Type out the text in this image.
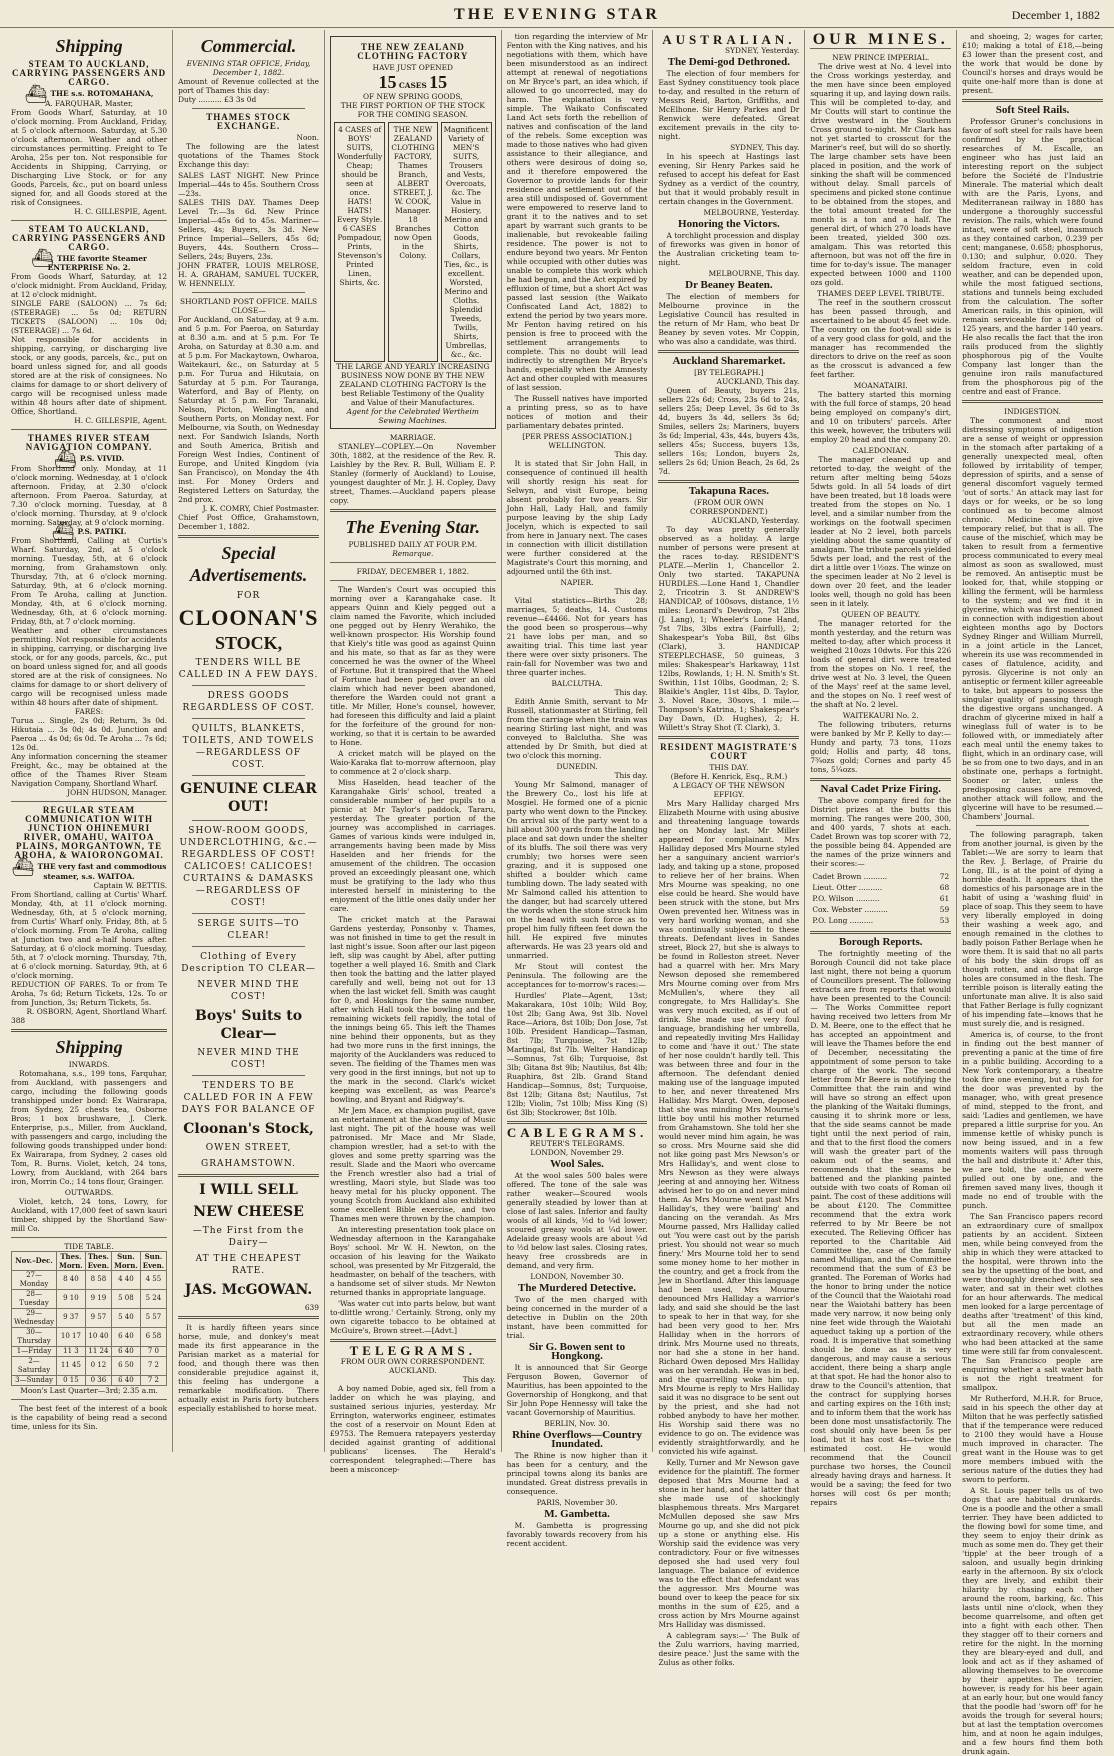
THE EVENING STAR	December 1, 1882
Shipping
STEAM TO AUCKLAND, CARRYING PASSENGERS AND CARGO.
⛴ THE s.s. ROTOMAHANA,
A. FARQUHAR, Master,
From Goods Wharf, Saturday, at 10 o'clock morning. From Auckland, Friday, at 5 o'clock afternoon. Saturday, at 5.30 o'clock afternoon. Weather and other circumstances permitting. Freight to Te Aroha, 25s per ton. Not responsible for Accidents in Shipping, Carrying, or Discharging Live Stock, or for any Goods, Parcels, &c., put on board unless signed for, and all Goods stored at the risk of Consignees.
H. C. GILLESPIE, Agent.
STEAM TO AUCKLAND, CARRYING PASSENGERS AND CARGO.
⛴ THE favorite Steamer ENTERPRISE No. 2.
From Goods Wharf, Saturday, at 12 o'clock midnight. From Auckland, Friday, at 12 o'clock midnight.
SINGLE FARE (SALOON) ... 7s 6d; (STEERAGE) ... 5s 0d; RETURN TICKETS (SALOON) ... 10s 0d; (STEERAGE) ... 7s 6d.
Not responsible for accidents in shipping, carrying, or discharging live stock, or any goods, parcels, &c., put on board unless signed for, and all goods stored are at the risk of consignees. No claims for damage to or short delivery of cargo will be recognised unless made within 48 hours after date of shipment. Office, Shortland.
H. C. GILLESPIE, Agent.
THAMES RIVER STEAM NAVIGATION COMPANY.
⛴ P.S. VIVID.
From Shortland only. Monday, at 11 o'clock morning. Wednesday, at 1 o'clock afternoon. Friday, at 2.30 o'clock afternoon. From Paeroa. Saturday, at 7.30 o'clock morning. Tuesday, at 8 o'clock morning. Thursday, at 9 o'clock morning. Saturday, at 9 o'clock morning.
⛴ P.S. PATIKI.
From Shortland, Calling at Curtis's Wharf. Saturday, 2nd, at 5 o'clock morning. Tuesday, 5th, at 6 o'clock morning, from Grahamstown only. Thursday, 7th, at 6 o'clock morning. Saturday, 9th, at 6 o'clock morning. From Te Aroha, calling at Junction. Monday, 4th, at 6 o'clock morning. Wednesday, 6th, at 6 o'clock morning. Friday, 8th, at 7 o'clock morning.
Weather and other circumstances permitting. Not responsible for accidents in shipping, carrying, or discharging live stock, or for any goods, parcels, &c., put on board unless signed for, and all goods stored are at the risk of consignees. No claims for damage to or short delivery of cargo will be recognised unless made within 48 hours after date of shipment.
FARES:
Turua ... Single, 2s 0d; Return, 3s 0d. Hikutaia ... 3s 0d; 4s 0d. Junction and Paeroa ... 4s 0d; 6s 0d. Te Aroha ... 7s 6d; 12s 0d.
Any information concerning the steamer Freight, &c., may be obtained at the office of the Thames River Steam Navigation Company, Shortland Wharf.
JOHN HUDSON, Manager.
REGULAR STEAM COMMUNICATION WITH JUNCTION OHINEMURI RIVER, OMAHU, WAITOA PLAINS, MORGANTOWN, TE AROHA, & WAIORONGOMAI.
⛴ THE very fast and commodious steamer, s.s. WAITOA.
Captain W. BETTIS.
From Shortland, calling at Curtis' Wharf. Monday, 4th, at 11 o'clock morning. Wednesday, 6th, at 5 o'clock morning, from Curtis' Wharf only. Friday, 8th, at 5 o'clock morning. From Te Aroha, calling at Junction two and a-half hours after. Saturday, at 6 o'clock morning. Tuesday, 5th, at 7 o'clock morning. Thursday, 7th, at 6 o'clock morning. Saturday, 9th, at 6 o'clock morning.
REDUCTION OF FARES. To or from Te Aroha, 7s 6d; Return Tickets, 12s. To or from Junction, 3s; Return Tickets, 5s.
R. OSBORN, Agent, Shortland Wharf.
388
Shipping
INWARDS.
Rotomahana, s.s., 199 tons, Farquhar, from Auckland, with passengers and cargo, including the following goods transhipped under bond: Ex Wairarapa, from Sydney, 25 chests tea, Osborne Bros; 1 box brushware, J. Clerk. Enterprise, p.s., Miller, from Auckland, with passengers and cargo, including the following goods transhipped under bond: Ex Wairarapa, from Sydney, 2 cases old Tom, R. Burns. Violet, ketch, 24 tons, Lowry, from Auckland, with 264 bars iron, Morrin Co.; 14 tons flour, Grainger.
OUTWARDS.
Violet, ketch, 24 tons, Lowry, for Auckland, with 17,000 feet of sawn kauri timber, shipped by the Shortland Saw-mill Co.
TIDE TABLE.
Nov.–Dec.	Thes. Morn.	Thes. Even.	Sun. Morn.	Sun. Even.
27—Monday	8 40	8 58	4 40	4 55
28—Tuesday	9 10	9 19	5 08	5 24
29—Wednesday	9 37	9 57	5 40	5 57
30—Thursday	10 17	10 40	6 40	6 58
1—Friday	11 3	11 24	6 40	7 0
2—Saturday	11 45	0 12	6 50	7 2
3—Sunday	0 15	0 36	6 40	7 2
Moon's Last Quarter—3rd; 2.35 a.m.
The best feet of the interest of a book is the capability of being read a second time, unless for its Sin.
Commercial.
EVENING STAR OFFICE, Friday, December 1, 1882.
Amount of Revenue collected at the port of Thames this day:
Duty .......... £3 3s 0d
THAMES STOCK EXCHANGE.
Noon.
The following are the latest quotations of the Thames Stock Exchange this day:
SALES LAST NIGHT. New Prince Imperial—44s to 45s. Southern Cross—23s.
SALES THIS DAY. Thames Deep Level Tr.—3s 6d. New Prince Imperial—45s 6d to 45s. Mariner—Sellers, 4s; Buyers, 3s 3d. New Prince Imperial—Sellers, 45s 6d; Buyers, 44s. Southern Cross—Sellers, 24s; Buyers, 23s.
JOHN FRATER, LOUIS MELROSE, H. A. GRAHAM, SAMUEL TUCKER, W. HENNELLY.
SHORTLAND POST OFFICE. MAILS CLOSE—
For Auckland, on Saturday, at 9 a.m. and 5 p.m. For Paeroa, on Saturday at 8.30 a.m. and at 5 p.m. For Te Aroha, on Saturday at 8.30 a.m. and at 5 p.m. For Mackaytown, Owharoa, Waitekauri, &c., on Saturday at 5 p.m. For Turua and Hikutaia, on Saturday at 5 p.m. For Tauranga, Waterford, and Bay of Plenty, on Saturday at 5 p.m. For Taranaki, Nelson, Picton, Wellington, and Southern Ports, on Monday next. For Melbourne, via South, on Wednesday next. For Sandwich Islands, North and South America, British and Foreign West Indies, Continent of Europe, and United Kingdom (via San Francisco), on Monday the 4th inst. For Money Orders and Registered Letters on Saturday, the 2nd prox.
J. K. COMRY, Chief Postmaster.
Chief Post Office, Grahamstown, December 1, 1882.
Special Advertisements.
FOR
CLOONAN'S
STOCK,
TENDERS WILL BE CALLED IN A FEW DAYS.
DRESS GOODS REGARDLESS OF COST.
QUILTS, BLANKETS, TOILETS, AND TOWELS—REGARDLESS OF COST.
GENUINE CLEAR OUT!
SHOW-ROOM GOODS, UNDERCLOTHING, &c.—REGARDLESS OF COST! CALICOES! CALICOES! CURTAINS & DAMASKS—REGARDLESS OF COST!
SERGE SUITS—TO CLEAR!
Clothing of Every Description TO CLEAR—
NEVER MIND THE COST!
Boys' Suits to Clear—
NEVER MIND THE COST!
TENDERS TO BE CALLED FOR IN A FEW DAYS FOR BALANCE OF
Cloonan's Stock,
OWEN STREET,
GRAHAMSTOWN.
I WILL SELL
NEW CHEESE
—The First from the Dairy—
AT THE CHEAPEST RATE.
JAS. McGOWAN.
639
It is hardly fifteen years since horse, mule, and donkey's meat made its first appearance in the Parisian market as a material for food, and though there was then considerable prejudice against it, this feeling has undergone a remarkable modification. There actually exist in Paris forty butchers especially established to horse meat.
THE NEW ZEALAND CLOTHING FACTORY
HAVE JUST OPENED
15 CASES 15
OF NEW SPRING GOODS,
THE FIRST PORTION OF THE STOCK FOR THE COMING SEASON.
4 CASES of BOYS' SUITS, Wonderfully Cheap; should be seen at once. HATS! HATS! Every Style. 6 CASES Pompadour, Prints, Stevenson's Printed Linen, Shirts, &c.
THE NEW ZEALAND CLOTHING FACTORY, Thames Branch, ALBERT STREET, J. W. COOK, Manager. 18 Branches now Open in the Colony.
Magnificent Variety of MEN'S SUITS, Trousers and Vests, Overcoats, &c. The Value in Hosiery, Merino and Cotton Goods, Shirts, Collars, Ties, &c., is excellent. Worsted, Merino and Cloths. Splendid Tweeds, Twills, Shirts, Umbrellas, &c., &c.
THE LARGE AND YEARLY INCREASING BUSINESS NOW DONE BY THE NEW ZEALAND CLOTHING FACTORY Is the best Reliable Testimony of the Quality and Value of their Manufactures.
Agent for the Celebrated Wertheim Sewing Machines.
MARRIAGE.
STANLEY—COPLEY.—On November 30th, 1882, at the residence of the Rev. R. Laishley by the Rev. R. Bull, William E. P. Stanley (formerly of Auckland) to Louise, youngest daughter of Mr. J. H. Copley, Davy street, Thames.—Auckland papers please copy.
The Evening Star.
PUBLISHED DAILY AT FOUR P.M.
Remarque.
FRIDAY, DECEMBER 1, 1882.
The Warden's Court was occupied this morning over a Karangahake case. It appears Quinn and Kiely pegged out a claim named the Favorite, which included one pegged out by Henry Werahiko, the well-known prospector. His Worship found that Kiely's title was good as against Quinn and his mate, so that as far as they were concerned he was the owner of the Wheel of Fortune. But it transpired that the Wheel of Fortune had been pegged over an old claim which had never been abandoned, therefore the Warden could not grant a title. Mr Miller, Hone's counsel, however, had foreseen this difficulty and laid a plaint for the forfeiture of the ground for non-working, so that it is certain to be awarded to Hone.
A cricket match will be played on the Waio-Karaka flat to-morrow afternoon, play to commence at 2 o'clock sharp.
Miss Haselden, head teacher of the Karangahake Girls' school, treated a considerable number of her pupils to a picnic at Mr Taylor's paddock, Tararu, yesterday. The greater portion of the journey was accomplished in carriages. Games of various kinds were indulged in, arrangements having been made by Miss Haselden and her friends for the amusement of the children. The occasion proved an exceedingly pleasant one, which must be gratifying to the lady who thus interested herself in ministering to the enjoyment of the little ones daily under her care.
The cricket match at the Parawai Gardens yesterday, Ponsonby v. Thames, was not finished in time to get the result in last night's issue. Soon after our last pigeon left, slip was caught by Abel, after putting together a well played 16. Smith and Clark then took the batting and the latter played carefully and well, being not out for 13 when the last wicket fell. Smith was caught for 0, and Hoskings for the same number, after which Hall took the bowling and the remaining wickets fell rapidly, the total of the innings being 65. This left the Thames nine behind their opponents, but as they had two more runs in the first innings, the majority of the Aucklanders was reduced to seven. The fielding of the Thames men was very good in the first innings, but not up to the mark in the second. Clark's wicket keeping was excellent, as was Pearce's bowling, and Bryant and Ridgway's.
Mr Jem Mace, ex champion pugilist, gave an entertainment at the Academy of Music last night. The pit of the house was well patronised. Mr Mace and Mr Slade, champion wrestler, had a set-to with the gloves and some pretty sparring was the result. Slade and the Maori who overcame the French wrestler also had a trial of wrestling, Maori style, but Slade was too heavy metal for his plucky opponent. The young Scotch from Auckland also exhibited some excellent Bible exercise, and two Thames men were thrown by the champion.
An interesting presentation took place on Wednesday afternoon in the Karangahake Boys' school. Mr W. H. Newton, on the occasion of his leaving for the Waikato school, was presented by Mr Fitzgerald, the headmaster, on behalf of the teachers, with a handsome set of silver studs. Mr Newton returned thanks in appropriate language.
'Was water cut into parts below, but want to-dlittle wrong.' Certainly. Strong, only my own cigarette tobacco to be obtained at McGuire's, Brown street.—[Advt.]
TELEGRAMS.
FROM OUR OWN CORRESPONDENT.
AUCKLAND.
This day.
A boy named Dobie, aged six, fell from a ladder on which he was playing, and sustained serious injuries, yesterday. Mr Errington, waterworks engineer, estimates the cost of a reservoir on Mount Eden at £9753. The Remuera ratepayers yesterday decided against granting of additional publicans' licenses. The Herald's correspondent telegraphed:—There has been a misconcep-
tion regarding the interview of Mr Fenton with the King natives, and his negotiations with them, which have been misunderstood as an indirect attempt at renewal of negotiations on Mr Bryce's part, an idea which, if allowed to go uncorrected, may do harm. The explanation is very simple. The Waikato Confiscated Land Act sets forth the rebellion of natives and confiscation of the land of the rebels. Some exception was made to those natives who had given assistance to their allegiance, and others were desirous of doing so, and it therefore empowered the Governor to provide lands for their residence and settlement out of the area still undisposed of. Government were empowered to reserve land to grant it to the natives and to set apart by warrant such grants to be inalienable, but revokeable failing residence. The power is not to endure beyond two years. Mr Fenton while occupied with other duties was unable to complete this work which he had begun, and the Act expired by effluxion of time, but a short Act was passed last session (the Waikato Confiscated Land Act, 1882) to extend the period by two years more. Mr Fenton having retired on his pension is free to proceed with the settlement arrangements to complete. This no doubt will lead indirectly to strengthen Mr Bryce's hands, especially when the Amnesty Act and other coupled with measures of last session.
The Russell natives have imported a printing press, so as to have notices of motion and their parliamentary debates printed.
[PER PRESS ASSOCIATION.]
WELLINGTON.
This day.
It is stated that Sir John Hall, in consequence of continued ill health will shortly resign his seat for Selwyn, and visit Europe, being absent probably for two years. Sir John Hall, Lady Hall, and family purpose leaving by the ship Lady Jocelyn, which is expected to sail from here in January next. The cases in connection with illicit distillation were further considered at the Magistrate's Court this morning, and adjourned until the 6th inst.
NAPIER.
This day.
Vital statistics—Births 28; marriages, 5; deaths, 14. Customs revenue—£4466. Not for years has the good been so prosperous—why 21 have lobs per man, and so awaiting trial. This time last year there were over sixty prisoners. The rain-fall for November was two and three quarter inches.
BALCLUTHA.
This day.
Edith Annie Smith, servant to Mr Russell, stationmaster at Stirling, fell from the carriage when the train was nearing Stirling last night, and was conveyed to Balclutha. She was attended by Dr Smith, but died at two o'clock this morning.
DUNEDIN.
This day.
Young Mr Salmond, manager of the Brewery Co., lost his life at Mosgiel. He formed one of a picnic party who went down to the Pinckey. On arrival six of the party went to a hill about 300 yards from the landing place and sat down under the shelter of its bluffs. The soil there was very crumbly; two horses were seen grazing, and it is supposed one shifted a boulder which came tumbling down. The lady seated with Mr Salmond called his attention to the danger, but had scarcely uttered the words when the stone struck him on the head with such force as to propel him fully fifteen feet down the hill. He expired five minutes afterwards. He was 23 years old and unmarried.
Mr Stout will contest the Peninsula. The following are the acceptances for to-morrow's races:—
Hurdles' Plate—Agent, 13st; Makarakara, 10st 10lb; Wild Boy, 10st 2lb; Gang Awa, 9st 3lb. Novel Race—Ariora, 8st 10lb; Don Jose, 7st 10lb. President Handicap—Tasman, 8st 7lb; Turquoise, 7st 12lb; Martingal, 8st 7lb. Welter Handicap—Somnus, 7st 6lb; Turquoise, 8st 3lb; Gitana 8st 9lb; Nautilus, 8st 4lb; Ruaphira, 8st 2lb. Grand Stand Handicap—Somnus, 8st; Turquoise, 8st 12lb; Gitana 8st; Nautilus, 7st 12lb; Violin, 7st 10lb; Miss King (S) 6st 3lb; Stockrower, 8st 10lb.
CABLEGRAMS.
REUTER'S TELEGRAMS.
LONDON, November 29.
Wool Sales.
At the wool sales 500 bales were offered. The tone of the sale was rather weaker—Scoured wools generally steadied by lower than at close of last sales. Inferior and faulty wools of all kinds, ½d to ¼d lower; scoured greasy wools at ¼d lower. Adelaide greasy wools are about ¼d to ½d below last sales. Closing rates, heavy free crossbreds are in demand, and very firm.
LONDON, November 30.
The Murdered Detective.
Two of the men charged with being concerned in the murder of a detective in Dublin on the 20th instant, have been committed for trial.
Sir G. Bowen sent to Hongkong.
It is announced that Sir George Ferguson Bowen, Governor of Mauritius, has been appointed to the Governorship of Hongkong, and that Sir John Pope Hennessy will take the vacant Governorship of Mauritius.
BERLIN, Nov. 30.
Rhine Overflows—Country Inundated.
The Rhine is now higher than it has been for a century, and the principal towns along its banks are inundated. Great distress prevails in consequence.
PARIS, November 30.
M. Gambetta.
M. Gambetta is progressing favorably towards recovery from his recent accident.
AUSTRALIAN.
SYDNEY, Yesterday.
The Demi-god Dethroned.
The election of four members for East Sydney constituency took place to-day, and resulted in the return of Messrs Reid, Barton, Griffiths, and McElhone. Sir Henry Parkes and Dr Renwick were defeated. Great excitement prevails in the city to-night.
SYDNEY, This day.
In his speech at Hastings last evening, Sir Henry Parkes said he refused to accept his defeat for East Sydney as a verdict of the country, but that it would probably result in certain changes in the Government.
MELBOURNE, Yesterday.
Honoring the Victors.
A torchlight procession and display of fireworks was given in honor of the Australian cricketing team to-night.
MELBOURNE, This day.
Dr Beaney Beaten.
The election of members for Melbourne province in the Legislative Council has resulted in the return of Mr Ham, who beat Dr Beaney by seven votes. Mr Coppin, who was also a candidate, was third.
Auckland Sharemarket.
[BY TELEGRAPH.]
AUCKLAND, This day.
Queen of Beauty, buyers 21s, sellers 22s 6d; Cross, 23s 6d to 24s, sellers 25s; Deep Level, 3s 6d to 3s 4d, buyers 3s 4d, sellers 3s 6d; Smiles, sellers 2s; Mariners, buyers 3s 6d; Imperial, 43s, 44s, buyers 43s, sellers 45s; Success, buyers 13s, sellers 16s; London, buyers 2s, sellers 2s 6d; Union Beach, 2s 6d, 2s 7d.
Takapuna Races.
(FROM OUR OWN CORRESPONDENT.)
AUCKLAND, Yesterday.
To day was pretty generally observed as a holiday. A large number of persons were present at the races to-day. RESIDENT'S PLATE.—Merlin 1, Chancellor 2. Only two started. TAKAPUNA HURDLES.—Lone Hand 1, Chandler 2, Tricotrin 3. St ANDREW'S HANDICAP, of 100sovs, distance, 1½ miles: Leonard's Dewdrop, 7st 2lbs (J. Lang), 1; Wheeler's Lone Hand, 7st 7lbs, 3lbs extra (Fairfull), 2; Shakespear's Yoba Bill, 8st 6lbs (Clark), 3. HANDICAP STEEPLECHASE, 50 guineas, 3 miles: Shakespear's Harkaway, 11st 12lbs, Rowlands, 1; H. N. Smith's St. Swithin, 11st 10lbs, Goodman, 2; S. Blaikie's Angler, 11st 4lbs, D. Taylor, 3. Novel Race, 30sovs, 1 mile.—Thompson's Katrina, 1; Shakespear's Day Dawn, (D. Hughes), 2; H. Willett's Stray Shot (T. Clark), 3.
RESIDENT MAGISTRATE'S COURT
THIS DAY.
(Before H. Kenrick, Esq., R.M.)
A LEGACY OF THE NEWSON EFFIGY.
Mrs Mary Halliday charged Mrs Elizabeth Mourne with using abusive and threatening language towards her on Monday last. Mr Miller appeared for complainant. Mrs Halliday deposed Mrs Mourne styled her a sanguinary ancient warrior's lady, and taking up a stone, proposed to relieve her of her brains. When Mrs Mourne was speaking, no one else could be heard. She would have been struck with the stone, but Mrs Owen prevented her. Witness was in very hard working woman, and she was continually subjected to these threats. Defendant lives in Sandes street, Block 27, but she is always to be found in Rolleston street. Never had a quarrel with her. Mrs Mary Newson deposed she remembered Mrs Mourne coming over from Mrs McMullen's, where they all congregate, to Mrs Halliday's. She was very much excited, as if out of drink. She made use of very foul language, brandishing her umbrella, and repeatedly inviting Mrs Halliday to come and 'have it out.' The state of her nose couldn't hardly tell. This was between three and four in the afternoon. The defendant denied making use of the language imputed to her, and never threatened Mrs Halliday. Mrs Margt. Owen, deposed that she was minding Mrs Mourne's little boy until his mother returned from Grahamstown. She told her she would never mind him again, he was so cross. Mrs Mourne said she did not like going past Mrs Newson's or Mrs Halliday's, and went close to Mrs Newson as they were always jeering at and annoying her. Witness advised her to go on and never mind them. As Mrs Mourne went past Mrs Halliday's, they were 'bailing' and dancing on the verandah. As Mrs Mourne passed, Mrs Halliday called out 'You were cast out by the parish priest. You should not wear so much finery.' Mrs Mourne told her to send some money home to her mother in the country, and get a frock from the Jew in Shortland. After this language had been used, Mrs Mourne denounced Mrs Halliday a warrior's lady, and said she should be the last to speak to her in that way, for she had been very good to her. Mrs Halliday when in the horrors of drink. Mrs Mourne used no threats, nor had she a stone in her hand. Richard Owen deposed Mrs Halliday was on her verandah. He was in bed, and the quarrelling woke him up. Mrs Mourne is reply to Mrs Halliday said it was no disgrace to be sent out by the priest, and she had not robbed anybody to have her mother. His Worship said there was no evidence to go on. The evidence was evidently straightforwardly, and he convicted his wife against.
Kelly, Turner and Mr Newson gave evidence for the plaintiff. The former deposed that Mrs Mourne had a stone in her hand, and the latter that she made use of shockingly blasphemous threats. Mrs Margaret McMullen deposed she saw Mrs Mourne go up, and she did not pick up a stone or anything else. His Worship said the evidence was very contradictory. Four or five witnesses deposed she had used very foul language. The balance of evidence was to the effect that defendant was the aggressor. Mrs Mourne was bound over to keep the peace for six months in the sum of £25, and a cross action by Mrs Mourne against Mrs Halliday was dismissed.
A cablegram says:—' The Bulk of the Zulu warriors, having married, desire peace.' Just the same with the Zulus as other folks.
OUR MINES.
NEW PRINCE IMPERIAL.
The drive west at No. 4 level into the Cross workings yesterday, and the men have since been employed squaring it up, and laying down rails. This will be completed to-day, and Mr Coutts will start to continue the drive westward in the Southern Cross ground to-night. Mr Clark has not yet started to crosscut for the Mariner's reef, but will do so shortly. The large chamber sets have been placed in position, and the work of sinking the shaft will be commenced without delay. Small parcels of specimens and picked stone continue to be obtained from the stopes, and the total amount treated for the month is a ton and a half. The general dirt, of which 270 loads have been treated, yielded 300 ozs. amalgam. This was retorted this afternoon, but was not off the fire in time for to-day's issue. The manager expected between 1000 and 1100 ozs gold.
THAMES DEEP LEVEL TRIBUTE.
The reef in the southern crosscut has been passed through, and ascertained to be about 45 feet wide. The country on the foot-wall side is of a very good class for gold, and the manager has recommended the directors to drive on the reef as soon as the crosscut is advanced a few feet farther.
MOANATAIRI.
The battery started this morning with the full force of stamps, 20 head being employed on company's dirt, and 10 on tributers' parcels. After this week, however, the tributers will employ 20 head and the company 20.
CALEDONIAN.
The manager cleaned up and retorted to-day, the weight of the return after melting being 54ozs 5dwts gold. In all 54 loads of dirt have been treated, but 18 loads were treated from the stopes on No. 1 level, and a similar number from the workings on the footwall specimen leader at No 2 level, both parcels yielding about the same quantity of amalgam. The tribute parcels yielded 5dwts per load, and the rest of the dirt a little over 1½ozs. The winze on the specimen leader at No 2 level is down over 20 feet, and the leader looks well, though no gold has been seen in it lately.
QUEEN OF BEAUTY.
The manager retorted for the month yesterday, and the return was melted to-day, after which process it weighed 210ozs 10dwts. For this 226 loads of general dirt were treated from the stopes on No. 1 reef, the drive west at No. 3 level, the Queen of the Mays' reef at the same level, and the stopes on No. 1 reef west of the shaft at No. 2 level.
WAITEKAURI No. 2.
The following tributers, returns were banked by Mr P. Kelly to day:—Hundy and party, 73 tons, 11ozs gold; Hollis and party, 48 tons, 7¾ozs gold; Cornes and party 45 tons, 5¼ozs.
Naval Cadet Prize Firing.
The above company fired for the District prizes at the butts this morning. The ranges were 200, 300, and 400 yards, 7 shots at each. Cadet Brown was top scorer with 72, the possible being 84. Appended are the names of the prize winners and their scores:—
Cadet Brown ..........	72
Lieut. Otter ..........	68
P.O. Wilson ..........	61
Cox. Webster ..........	59
P.O. Long ..........	53
Borough Reports.
The fortnightly meeting of the Borough Council did not take place last night, there not being a quorum of Councillors present. The following extracts are from reports that would have been presented to the Council:— The Works Committee report having received two letters from Mr D. M. Beere, one to the effect that he has accepted an appointment and will leave the Thames before the end of December, necessitating the appointment of some person to take charge of the work. The second letter from Mr Beere is notifying the Committee that the rain and wind will have so strong an effect upon the planking of the Waitaki flumings, causing it to shrink more or less, that the side seams cannot be made tight until the next period of rain, and that to the first flood the comers will wash the greater part of the oakum out of the seams, and recommends that the seams be battened and the planking painted outside with two coats of Roman oil paint. The cost of these additions will be about £120. The Committee recommend that the extra work referred to by Mr Beere be not executed. The Relieving Officer has reported to the Charitable Aid Committee the, case of the family named Mulligan, and the Committee recommend that the sum of £3 be granted. The Foreman of Works had the honor to bring under the notice of the Council that the Waiotahi road near the Waiotahi battery has been made very narrow, it now being only nine feet wide through the Waiotahi aqueduct taking up a portion of the road. It is imperative that something should be done as it is very dangerous, and may cause a serious accident, there being a sharp angle at that spot. He had the honor also to draw to the Council's attention, that the contract for supplying horses and carting expires on the 16th inst; and to inform them that the work has been done most unsatisfactorily. The cost should only have been 5s per load, but it has cost 4s—twice the estimated cost. He would recommend that the Council purchase two horses, the Council already having drays and harness. It would be a saving; the feed for two horses will cost 6s per month; repairs
and shoeing, 2; wages for carter, £10; making a total of £18,—being £3 lower than the present cost, and the work that would be done by Council's horses and drays would be quite one-half more than is done at present.
Soft Steel Rails.
Professor Gruner's conclusions in favor of soft steel for rails have been confirmed by the practical researches of M. Escalle, an engineer who has just laid an interesting report on the subject before the Société de l'Industrie Minerale. The material which dealt with are the Paris, Lyons, and Mediterranean railway in 1880 has undergone a thoroughly successful revision. The rails, which were found intact, were of soft steel, inasmuch as they contained carbon, 0.239 per cent; manganese, 0.658; phosphorus, 0.130; and sulphur, 0.020. They seldom fracture, even in cold weather, and can be depended upon, while the most fatigued sections, stations and tunnels being excluded from the calculation. The softer American rails, in this opinion, will remain serviceable for a period of 125 years, and the harder 140 years. He also recalls the fact that the iron rails produced from the slightly phosphorous pig of the Voulte Company last longer than the genuine iron rails manufactured from the phosphorous pig of the centre and east of France.
INDIGESTION.
The commonest and most distressing symptoms of indigestion are a sense of weight or oppression in the stomach after partaking of a generally unexpected meal, often followed by irritability of temper, depression of spirits, and a sense of general discomfort vaguely termed 'out of sorts.' An attack may last for days or for weeks, or be so long continued as to become almost chronic. Medicine may give temporary relief, but that is all. The cause of the mischief, which may be taken to result from a fermentive process communicated to every meal almost as soon as swallowed, must be removed. An antiseptic must be looked for, that, while stopping or killing the ferment, will be harmless to the system; and we find it in glycerine, which was first mentioned in connection with indigestion about eighteen months ago by Doctors Sydney Ringer and William Murrell, in a joint article in the Lancet, wherein its use was recommended in cases of flatulence, acidity, and pyrosis. Glycerine is not only an antiseptic or ferment killer agreeable to take, but appears to possess the singular quality of passing through the digestive organs unchanged. A drachm of glycerine mixed in half a wineglass full of water is to be followed with, or immediately after each meal until the enemy takes to flight, which in an ordinary case, will be so from one to two days, and in an obstinate one, perhaps a fortnight. Sooner or later, unless the predisposing causes are removed, another attack will follow, and the glycerine will have to be resumed.—Chambers' Journal.
The following paragraph, taken from another journal, is given by the Tablet:—We are sorry to learn that the Rev. J. Berlage, of Prairie du Long, Ill., is at the point of dying a horrible death. It appears that the domestics of his parsonage are in the habit of using a 'washing fluid' in place of soap. This they seem to have very liberally employed in doing their washing a week ago, and enough remained in the clothes to badly poison Father Berlage when he wore them. It is said that no all parts of his body the skin drops off as though rotten, and also that large holes are consumed in the flesh. The terrible poison is literally eating the unfortunate man alive. It is also said that Father Berlage is fully cognizant of his impending fate—knows that he must surely die, and is resigned.
America is, of course, to the front in finding out the best manner of preventing a panic at the time of fire in a public building. According to a New York contemporary, a theatre took fire one evening, but a rush for the door was prevented by the manager, who, with great presence of mind, stepped to the front, and said: 'Ladies and gentlemen, we have prepared a little surprise for you. An immense kettle of whisky punch is now being issued, and in a few moments waiters will pass through the hall and distribute it.' After this, we are told, the audience were pulled out one by one, and the firemen saved many lives, though it made no end of trouble with the punch.
The San Francisco papers record an extraordinary cure of smallpox patients by an accident. Sixteen men, while being conveyed from the ship in which they were attacked to the hospital, were thrown into the sea by the upsetting of the boat, and were thoroughly drenched with sea water, and sat in their wet clothes for an hour afterwards. The medical men looked for a large percentage of deaths after 'treatment' of this kind, but all the men made an extraordinary recovery, while others who had been attacked at the same time were still far from convalescent. The San Francisco people are enquiring whether a salt water bath is not the right treatment for smallpox.
Mr Rutherford, M.H.R. for Bruce, said in his speech the other day at Milton that he was perfectly satisfied that if the temperance were reduced to 2100 they would have a House much improved in character. The great want in the House was to get more members imbued with the serious nature of the duties they had sworn to perform.
A St. Louis paper tells us of two dogs that are habitual drunkards. One is a poodle and the other a small terrier. They have been addicted to the flowing bowl for some time, and they seem to enjoy their drink as much as some men do. They get their 'tipple' at the beer trough of a saloon, and usually begin drinking early in the afternoon. By six o'clock they are lively, and exhibit their hilarity by chasing each other around the room, barking, &c. This lasts until nine o'clock, when they become quarrelsome, and often get into a fight with each other. Then they stagger off to their corners and retire for the night. In the morning they are bleary-eyed and dull, and look and act as if they ashamed of allowing themselves to be overcome by their appetites. The terrier, however, is ready for his beer again at an early hour, but one would fancy that the poodle had 'sworn off' for he avoids the trough for several hours; but at last the temptation overcomes him, and at noon he again indulges, and a few hours find them both drunk again.
